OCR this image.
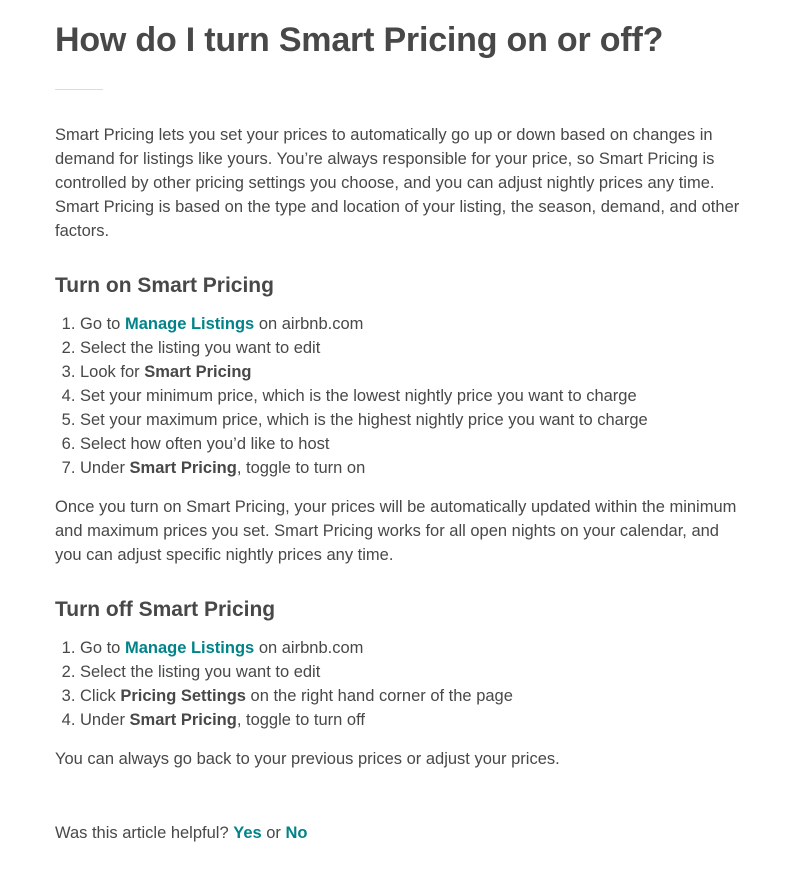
How do I turn Smart Pricing on or off?

Smart Pricing lets you set your prices to automatically go up or down based on changes in demand for listings like yours. You’re always responsible for your price, so Smart Pricing is controlled by other pricing settings you choose, and you can adjust nightly prices any time. Smart Pricing is based on the type and location of your listing, the season, demand, and other factors.

Turn on Smart Pricing
1. Go to Manage Listings on airbnb.com
2. Select the listing you want to edit
3. Look for Smart Pricing
4. Set your minimum price, which is the lowest nightly price you want to charge
5. Set your maximum price, which is the highest nightly price you want to charge
6. Select how often you’d like to host
7. Under Smart Pricing, toggle to turn on

Once you turn on Smart Pricing, your prices will be automatically updated within the minimum and maximum prices you set. Smart Pricing works for all open nights on your calendar, and you can adjust specific nightly prices any time.

Turn off Smart Pricing
1. Go to Manage Listings on airbnb.com
2. Select the listing you want to edit
3. Click Pricing Settings on the right hand corner of the page
4. Under Smart Pricing, toggle to turn off

You can always go back to your previous prices or adjust your prices.

Was this article helpful? Yes or No
